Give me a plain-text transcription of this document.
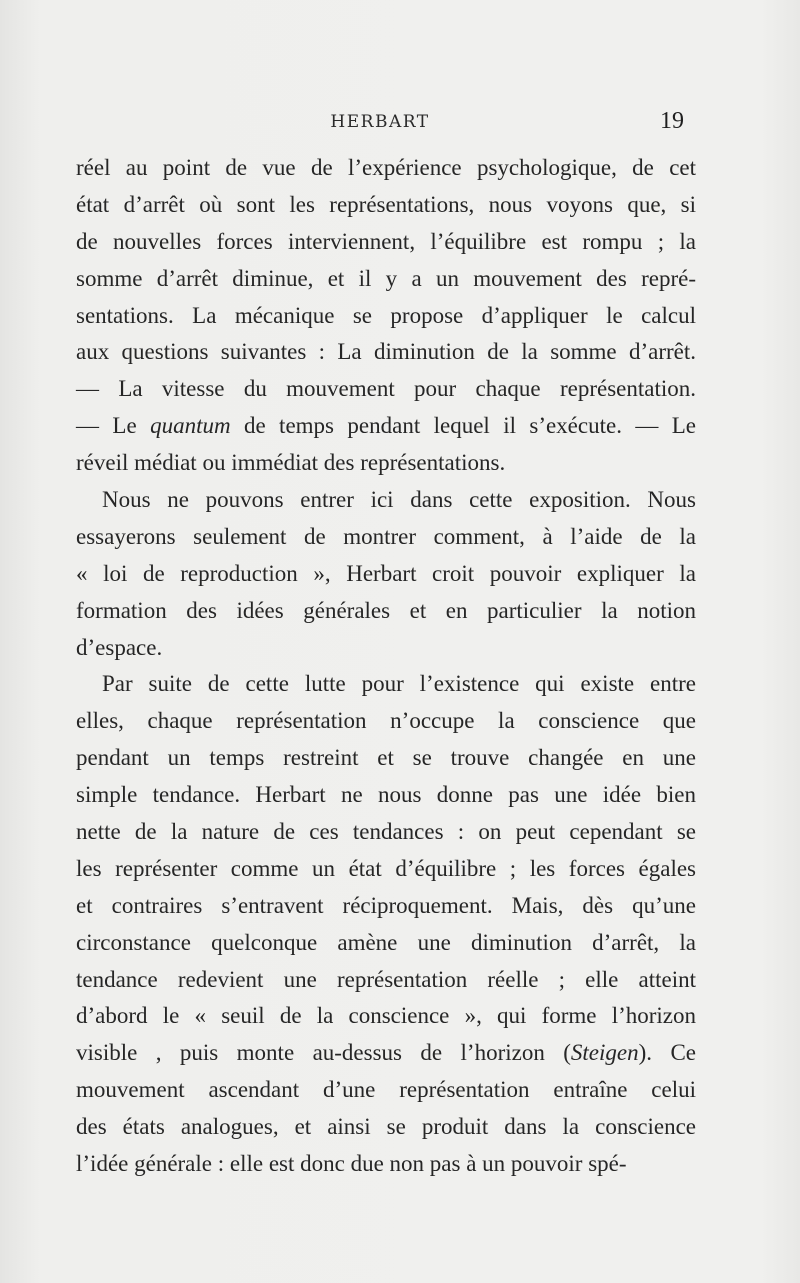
HERBART	19
réel au point de vue de l’expérience psychologique, de cet
état d’arrêt où sont les représentations, nous voyons que, si
de nouvelles forces interviennent, l’équilibre est rompu ; la
somme d’arrêt diminue, et il y a un mouvement des repré-
sentations. La mécanique se propose d’appliquer le calcul
aux questions suivantes : La diminution de la somme d’arrêt.
— La vitesse du mouvement pour chaque représentation.
— Le quantum de temps pendant lequel il s’exécute. — Le
réveil médiat ou immédiat des représentations.
Nous ne pouvons entrer ici dans cette exposition. Nous
essayerons seulement de montrer comment, à l’aide de la
« loi de reproduction », Herbart croit pouvoir expliquer la
formation des idées générales et en particulier la notion
d’espace.
Par suite de cette lutte pour l’existence qui existe entre
elles, chaque représentation n’occupe la conscience que
pendant un temps restreint et se trouve changée en une
simple tendance. Herbart ne nous donne pas une idée bien
nette de la nature de ces tendances : on peut cependant se
les représenter comme un état d’équilibre ; les forces égales
et contraires s’entravent réciproquement. Mais, dès qu’une
circonstance quelconque amène une diminution d’arrêt, la
tendance redevient une représentation réelle ; elle atteint
d’abord le « seuil de la conscience », qui forme l’horizon
visible , puis monte au-dessus de l’horizon (Steigen). Ce
mouvement ascendant d’une représentation entraîne celui
des états analogues, et ainsi se produit dans la conscience
l’idée générale : elle est donc due non pas à un pouvoir spé-
